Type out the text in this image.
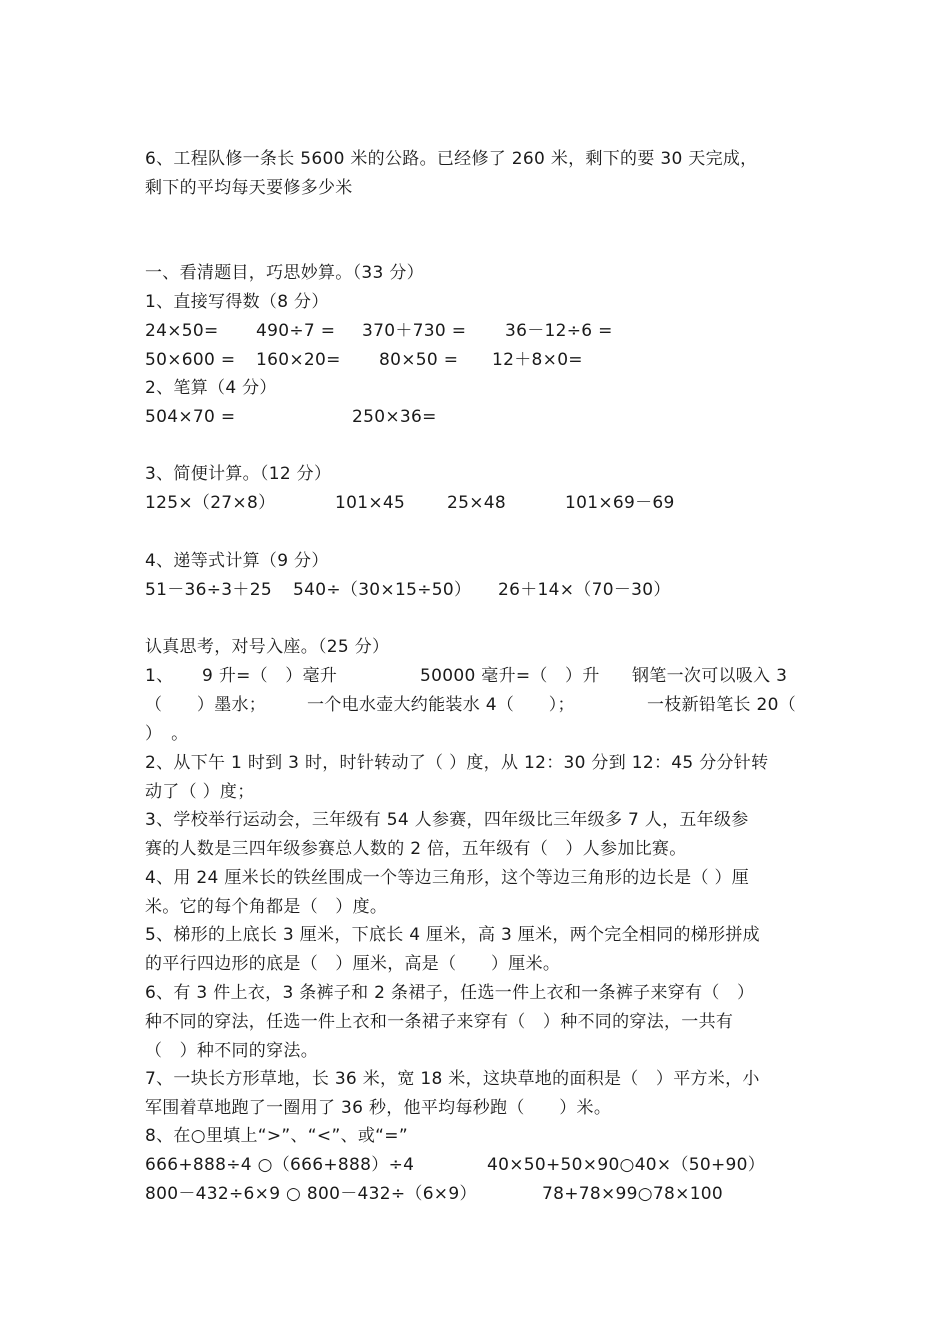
6、工程队修一条长 5600 米的公路。已经修了 260 米，剩下的要 30 天完成，
剩下的平均每天要修多少米
一、看清题目，巧思妙算。（33 分）
1、直接写得数（8 分）
24×50= 490÷7 = 370＋730 = 36－12÷6 =
50×600 = 160×20= 80×50 = 12＋8×0=
2、笔算（4 分）
504×70 =	250×36=
3、简便计算。（12 分）
125×（27×8）	101×45 25×48	101×69－69
4、递等式计算（9 分）
51－36÷3＋25 540÷（30×15÷50） 26＋14×（70－30）
认真思考，对号入座。（25 分）
1、 9 升=（　）毫升	50000 毫升=（　）升 钢笔一次可以吸入 3
（　　）墨水； 一个电水壶大约能装水 4（　　）；	一枝新铅笔长 20（
）　。
2、从下午 1 时到 3 时，时针转动了（ ）度，从 12：30 分到 12：45 分分针转
动了（ ）度；
3、学校举行运动会，三年级有 54 人参赛，四年级比三年级多 7 人，五年级参
赛的人数是三四年级参赛总人数的 2 倍，五年级有（　）人参加比赛。
4、用 24 厘米长的铁丝围成一个等边三角形，这个等边三角形的边长是（ ）厘
米。它的每个角都是（　）度。
5、梯形的上底长 3 厘米，下底长 4 厘米，高 3 厘米，两个完全相同的梯形拼成
的平行四边形的底是（　）厘米，高是（　　）厘米。
6、有 3 件上衣，3 条裤子和 2 条裙子，任选一件上衣和一条裤子来穿有（　）
种不同的穿法，任选一件上衣和一条裙子来穿有（　）种不同的穿法，一共有
（　）种不同的穿法。
7、一块长方形草地，长 36 米，宽 18 米，这块草地的面积是（　）平方米，小
军围着草地跑了一圈用了 36 秒，他平均每秒跑（　　）米。
8、在○里填上“>”、“<”、或“=”
666+888÷4 ○（666+888）÷4	40×50+50×90○40×（50+90）
800－432÷6×9 ○ 800－432÷（6×9）	78+78×99○78×100
